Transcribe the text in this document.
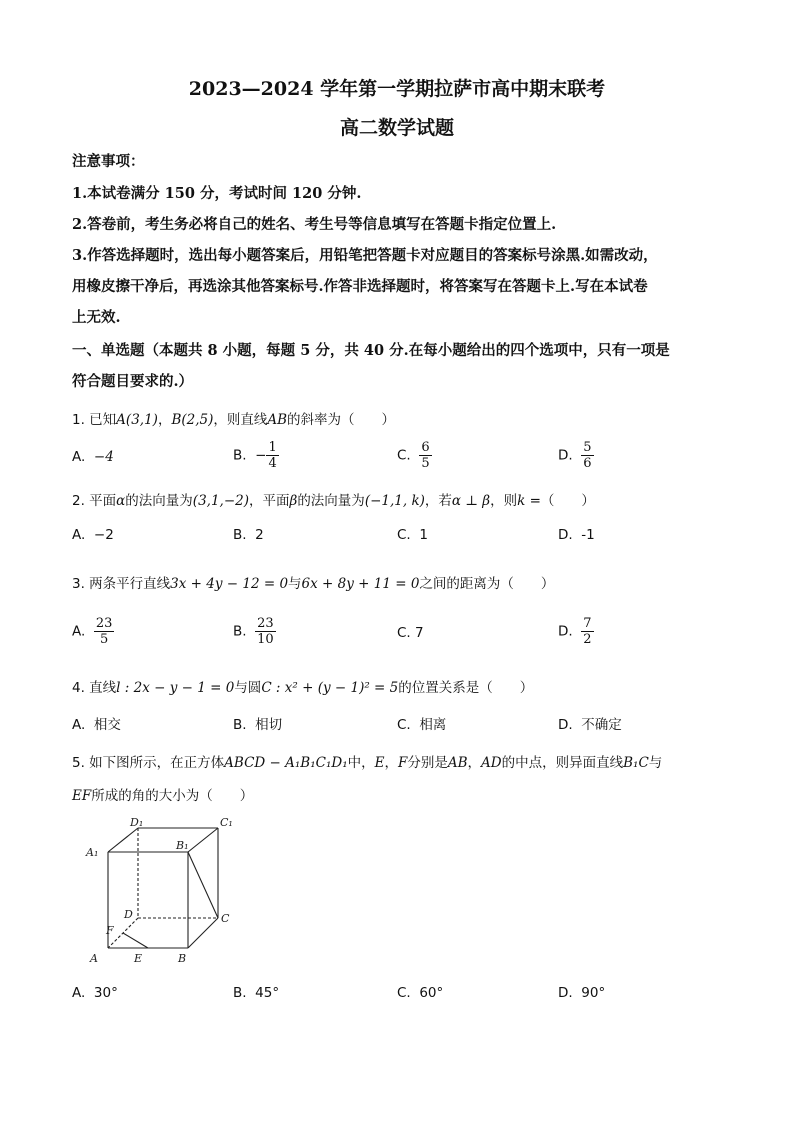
2023—2024 学年第一学期拉萨市高中期末联考
高二数学试题
注意事项：
1.本试卷满分 150 分，考试时间 120 分钟.
2.答卷前，考生务必将自己的姓名、考生号等信息填写在答题卡指定位置上.
3.作答选择题时，选出每小题答案后，用铅笔把答题卡对应题目的答案标号涂黑.如需改动，
用橡皮擦干净后，再选涂其他答案标号.作答非选择题时，将答案写在答题卡上.写在本试卷
上无效.
一、单选题（本题共 8 小题，每题 5 分，共 40 分.在每小题给出的四个选项中，只有一项是
符合题目要求的.）
1. 已知A(3,1)，B(2,5)，则直线AB的斜率为（　　）
A. −4	B. − $\frac{1}{4}$	C. $\frac{6}{5}$	D. $\frac{5}{6}$
2. 平面α的法向量为(3,1,−2)，平面β的法向量为(−1,1, k)，若α ⊥ β，则k =（　　）
A. −2	B. 2	C. 1	D. -1
3. 两条平行直线3x + 4y − 12 = 0与6x + 8y + 11 = 0之间的距离为（　　）
A. $\frac{23}{5}$	B. $\frac{23}{10}$	C. 7	D. $\frac{7}{2}$
4. 直线l : 2x − y − 1 = 0与圆C : x² + (y − 1)² = 5的位置关系是（　　）
A. 相交	B. 相切	C. 相离	D. 不确定
5. 如下图所示，在正方体ABCD − A₁B₁C₁D₁中，E，F分别是AB，AD的中点，则异面直线B₁C与
EF所成的角的大小为（　　）
D₁	C₁
A₁
B₁
D	C
F
A	E	B
A. 30°	B. 45°	C. 60°	D. 90°
